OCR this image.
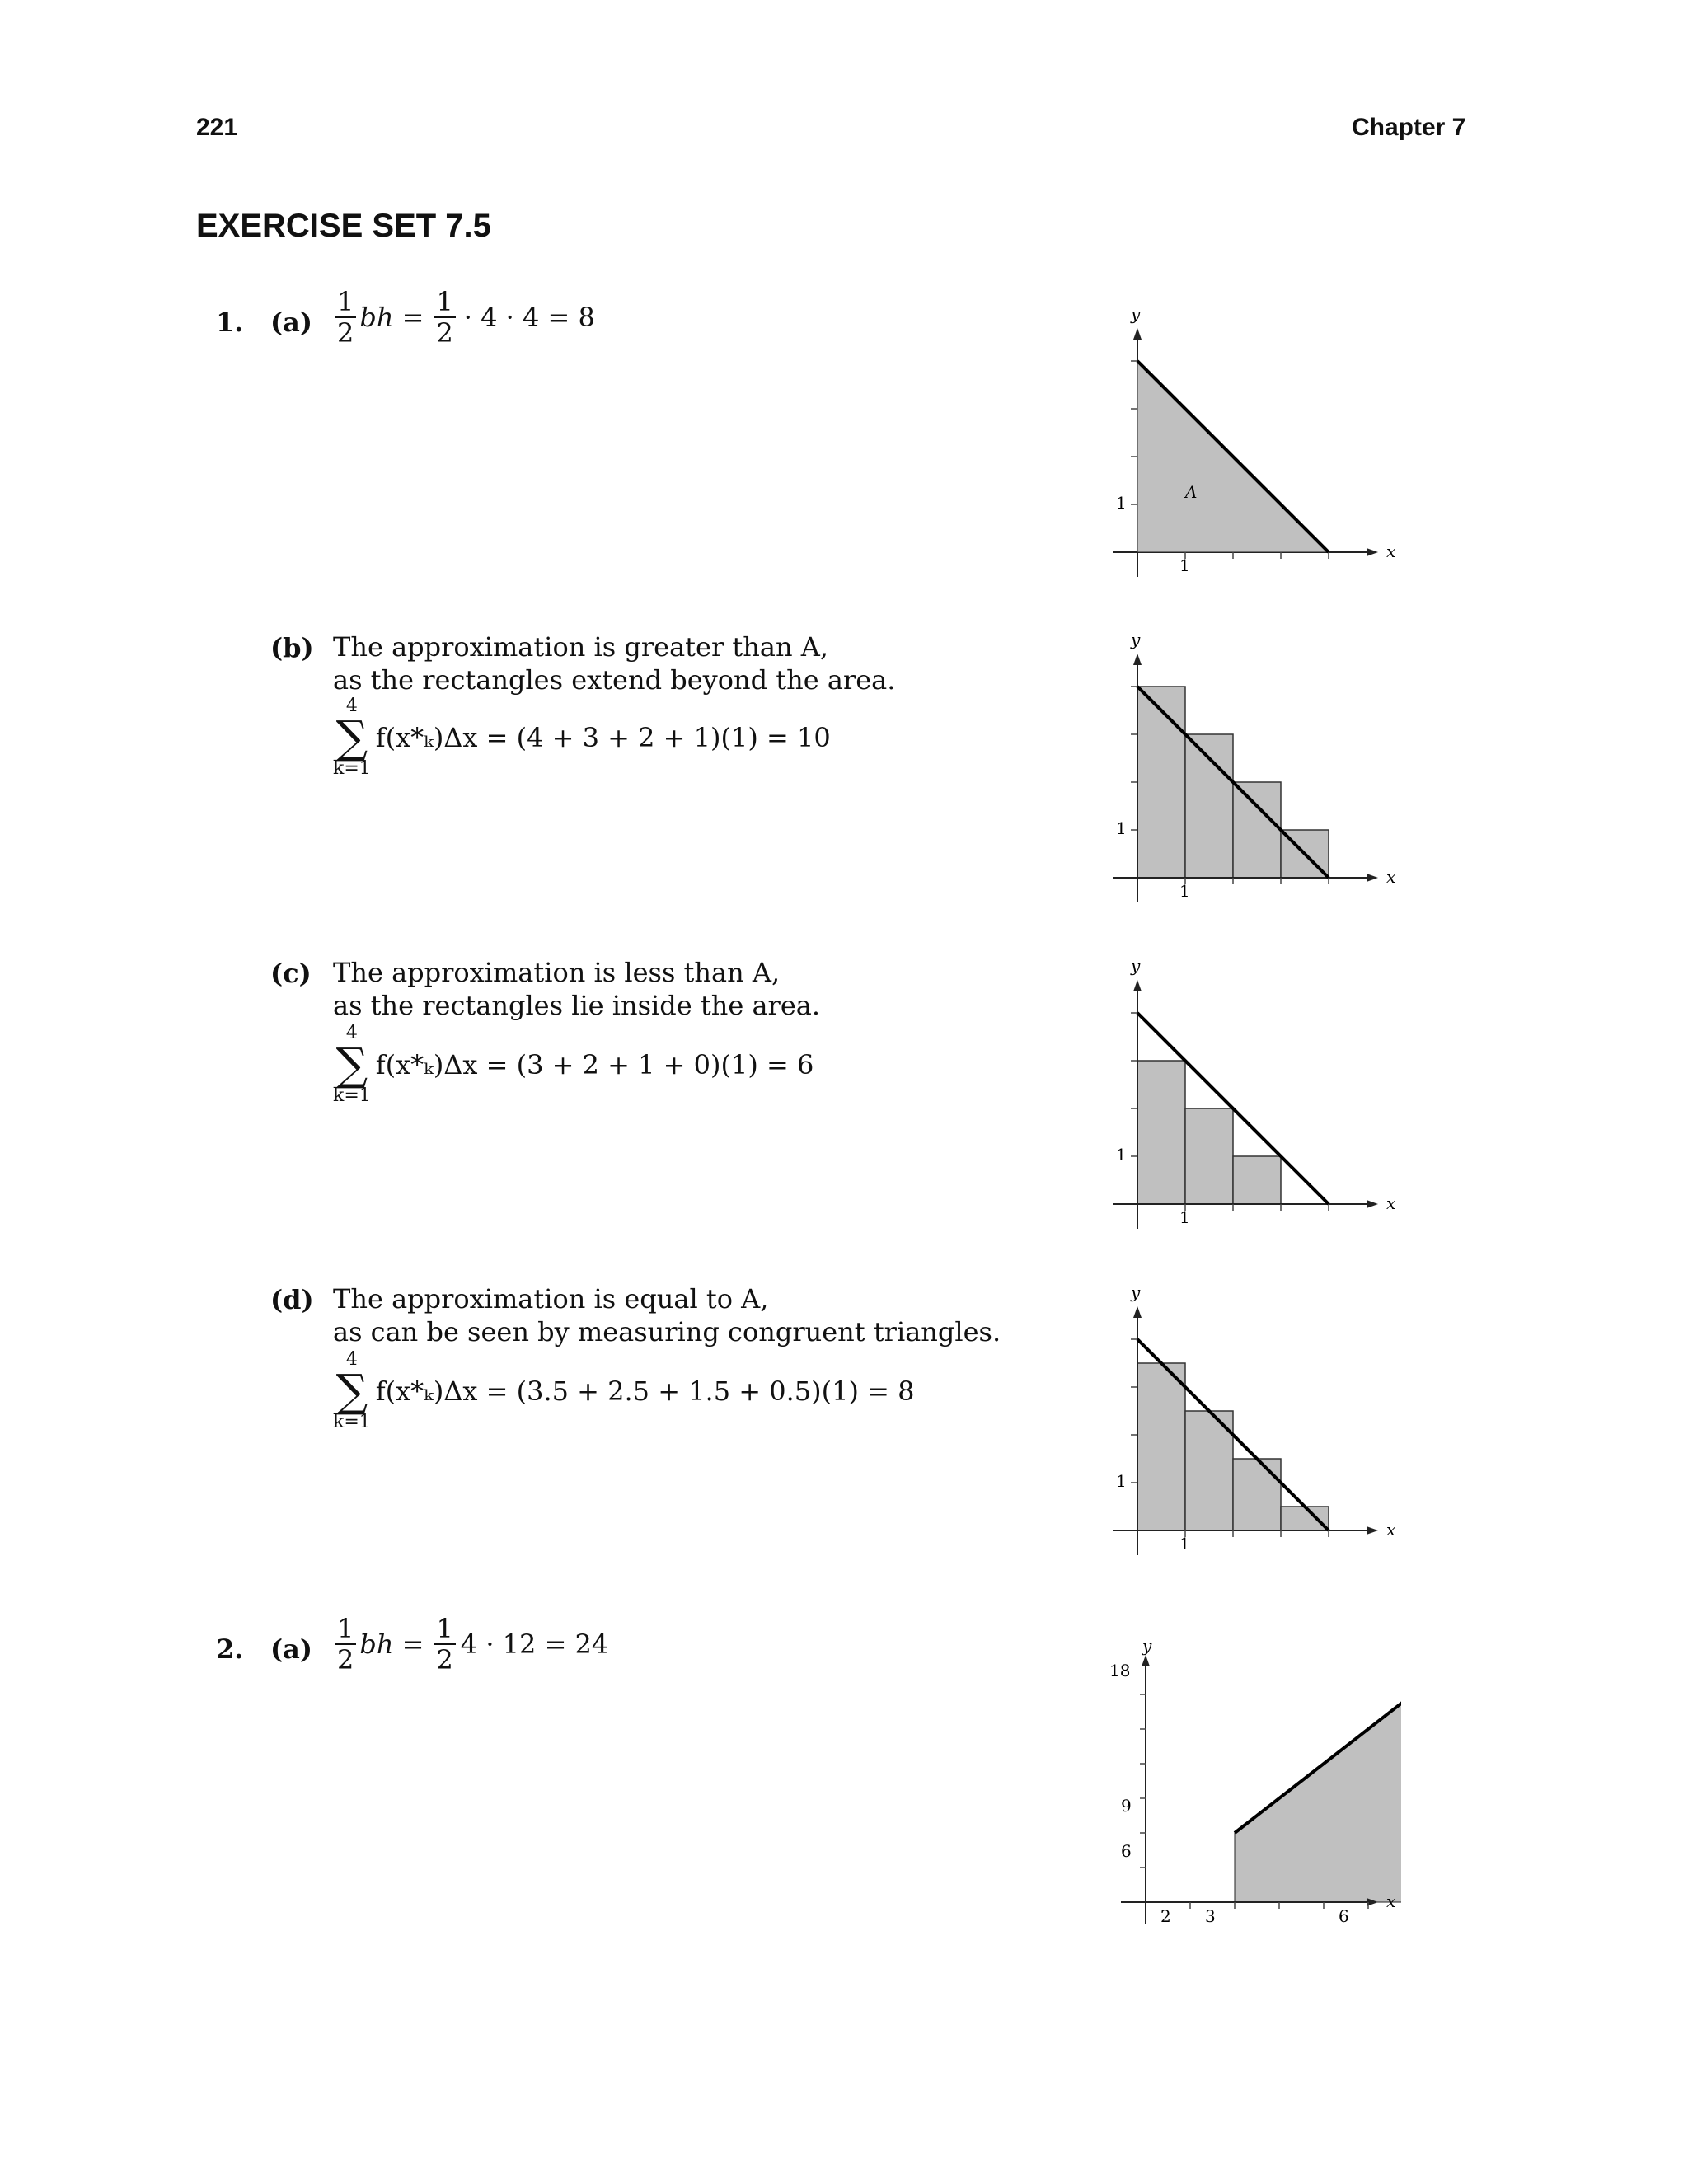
221	Chapter 7
EXERCISE SET 7.5
1. $(a) \frac{1}{2}$ bh = $\frac{1}{2} \cdot 4 \cdot 4 = 8$	y
x
1
1
A
(b) The approximation is greater than A,
as the rectangles extend beyond the area.
4
∑
k=1
f(x*ₖ)Δx = (4 + 3 + 2 + 1)(1) = 10
y
x
1
1
(c) The approximation is less than A,
as the rectangles lie inside the area.
4
∑
k=1
f(x*ₖ)Δx = (3 + 2 + 1 + 0)(1) = 6
y
x
1
1
(d) The approximation is equal to A,
as can be seen by measuring congruent triangles.
4
∑
k=1
f(x*ₖ)Δx = (3.5 + 2.5 + 1.5 + 0.5)(1) = 8
y
x
1
1
2. $(a) \frac{1}{2}$ bh = $\frac{1}{2} 4 \cdot 12 = 24$	y
x
18
9
6
2 3	6
